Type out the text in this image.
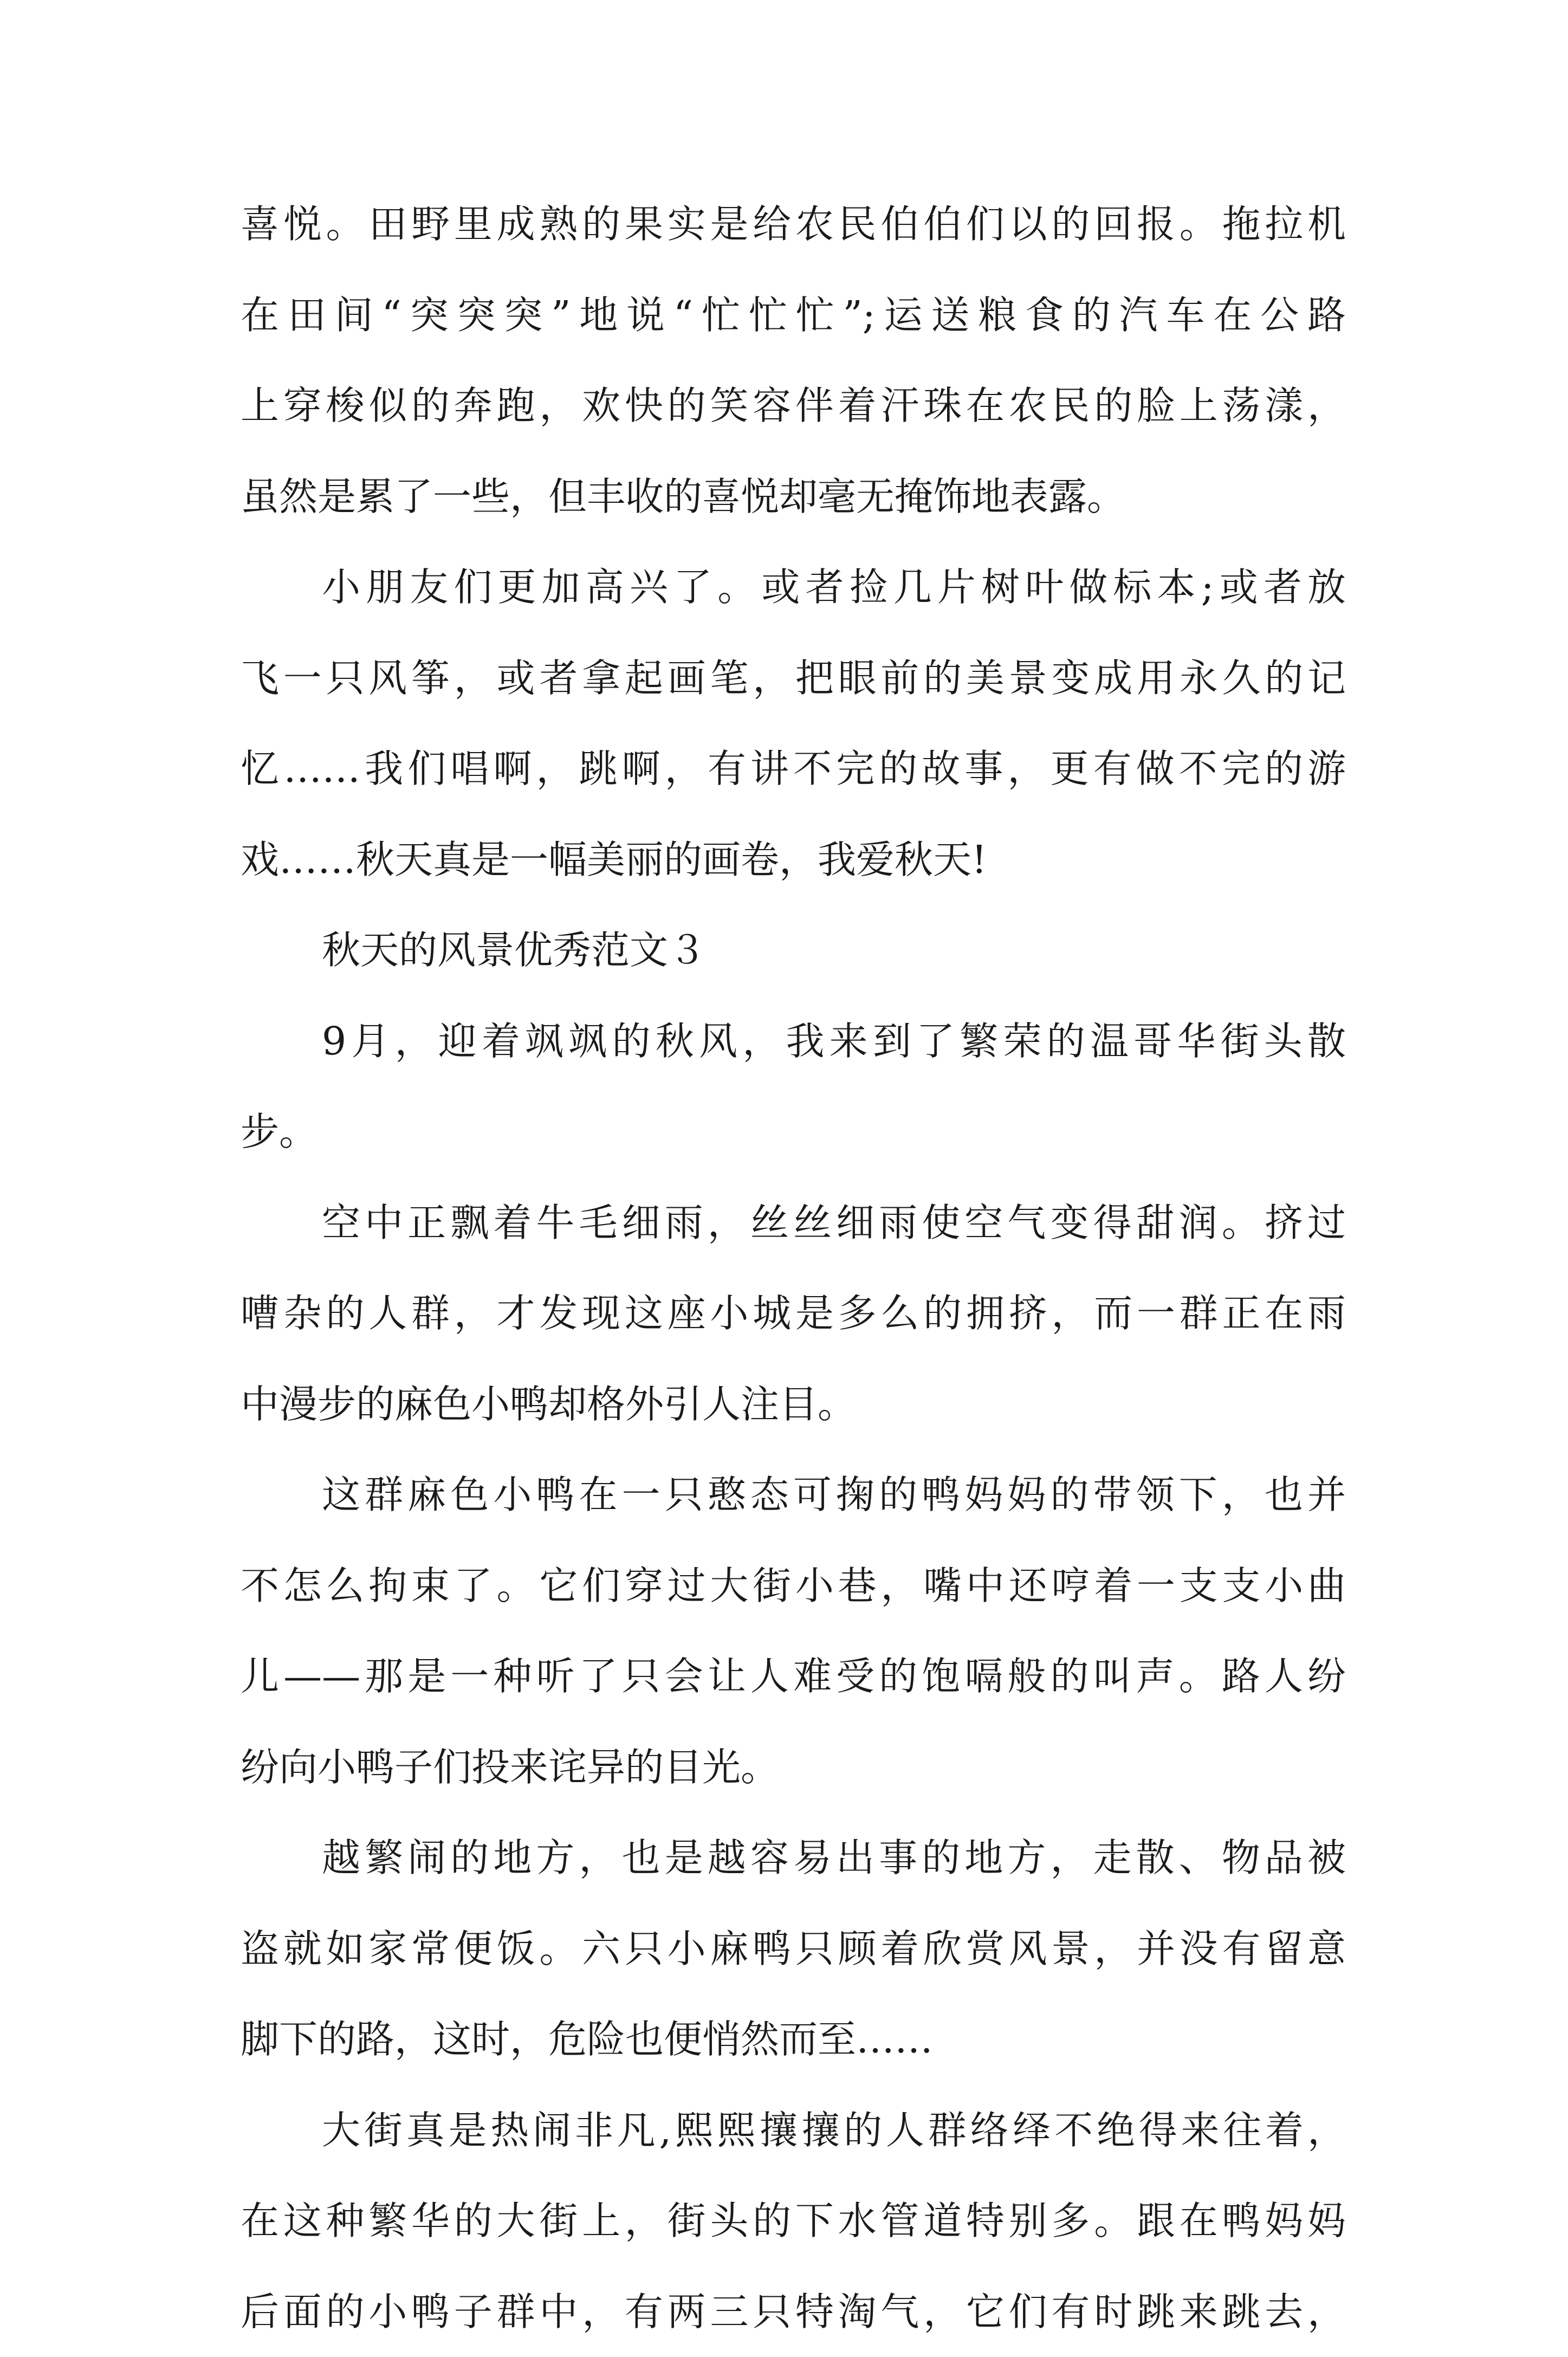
喜悦。田野里成熟的果实是给农民伯伯们以的回报。拖拉机
在田间“突突突”地说“忙忙忙”;运送粮食的汽车在公路
上穿梭似的奔跑，欢快的笑容伴着汗珠在农民的脸上荡漾，
虽然是累了一些，但丰收的喜悦却毫无掩饰地表露。
小朋友们更加高兴了。或者捡几片树叶做标本;或者放
飞一只风筝，或者拿起画笔，把眼前的美景变成用永久的记
忆……我们唱啊，跳啊，有讲不完的故事，更有做不完的游
戏……秋天真是一幅美丽的画卷，我爱秋天!
秋天的风景优秀范文３
9月，迎着飒飒的秋风，我来到了繁荣的温哥华街头散
步。
空中正飘着牛毛细雨，丝丝细雨使空气变得甜润。挤过
嘈杂的人群，才发现这座小城是多么的拥挤，而一群正在雨
中漫步的麻色小鸭却格外引人注目。
这群麻色小鸭在一只憨态可掬的鸭妈妈的带领下，也并
不怎么拘束了。它们穿过大街小巷，嘴中还哼着一支支小曲
儿——那是一种听了只会让人难受的饱嗝般的叫声。路人纷
纷向小鸭子们投来诧异的目光。
越繁闹的地方，也是越容易出事的地方，走散、物品被
盗就如家常便饭。六只小麻鸭只顾着欣赏风景，并没有留意
脚下的路，这时，危险也便悄然而至……
大街真是热闹非凡,熙熙攘攘的人群络绎不绝得来往着，
在这种繁华的大街上，街头的下水管道特别多。跟在鸭妈妈
后面的小鸭子群中，有两三只特淘气，它们有时跳来跳去，
